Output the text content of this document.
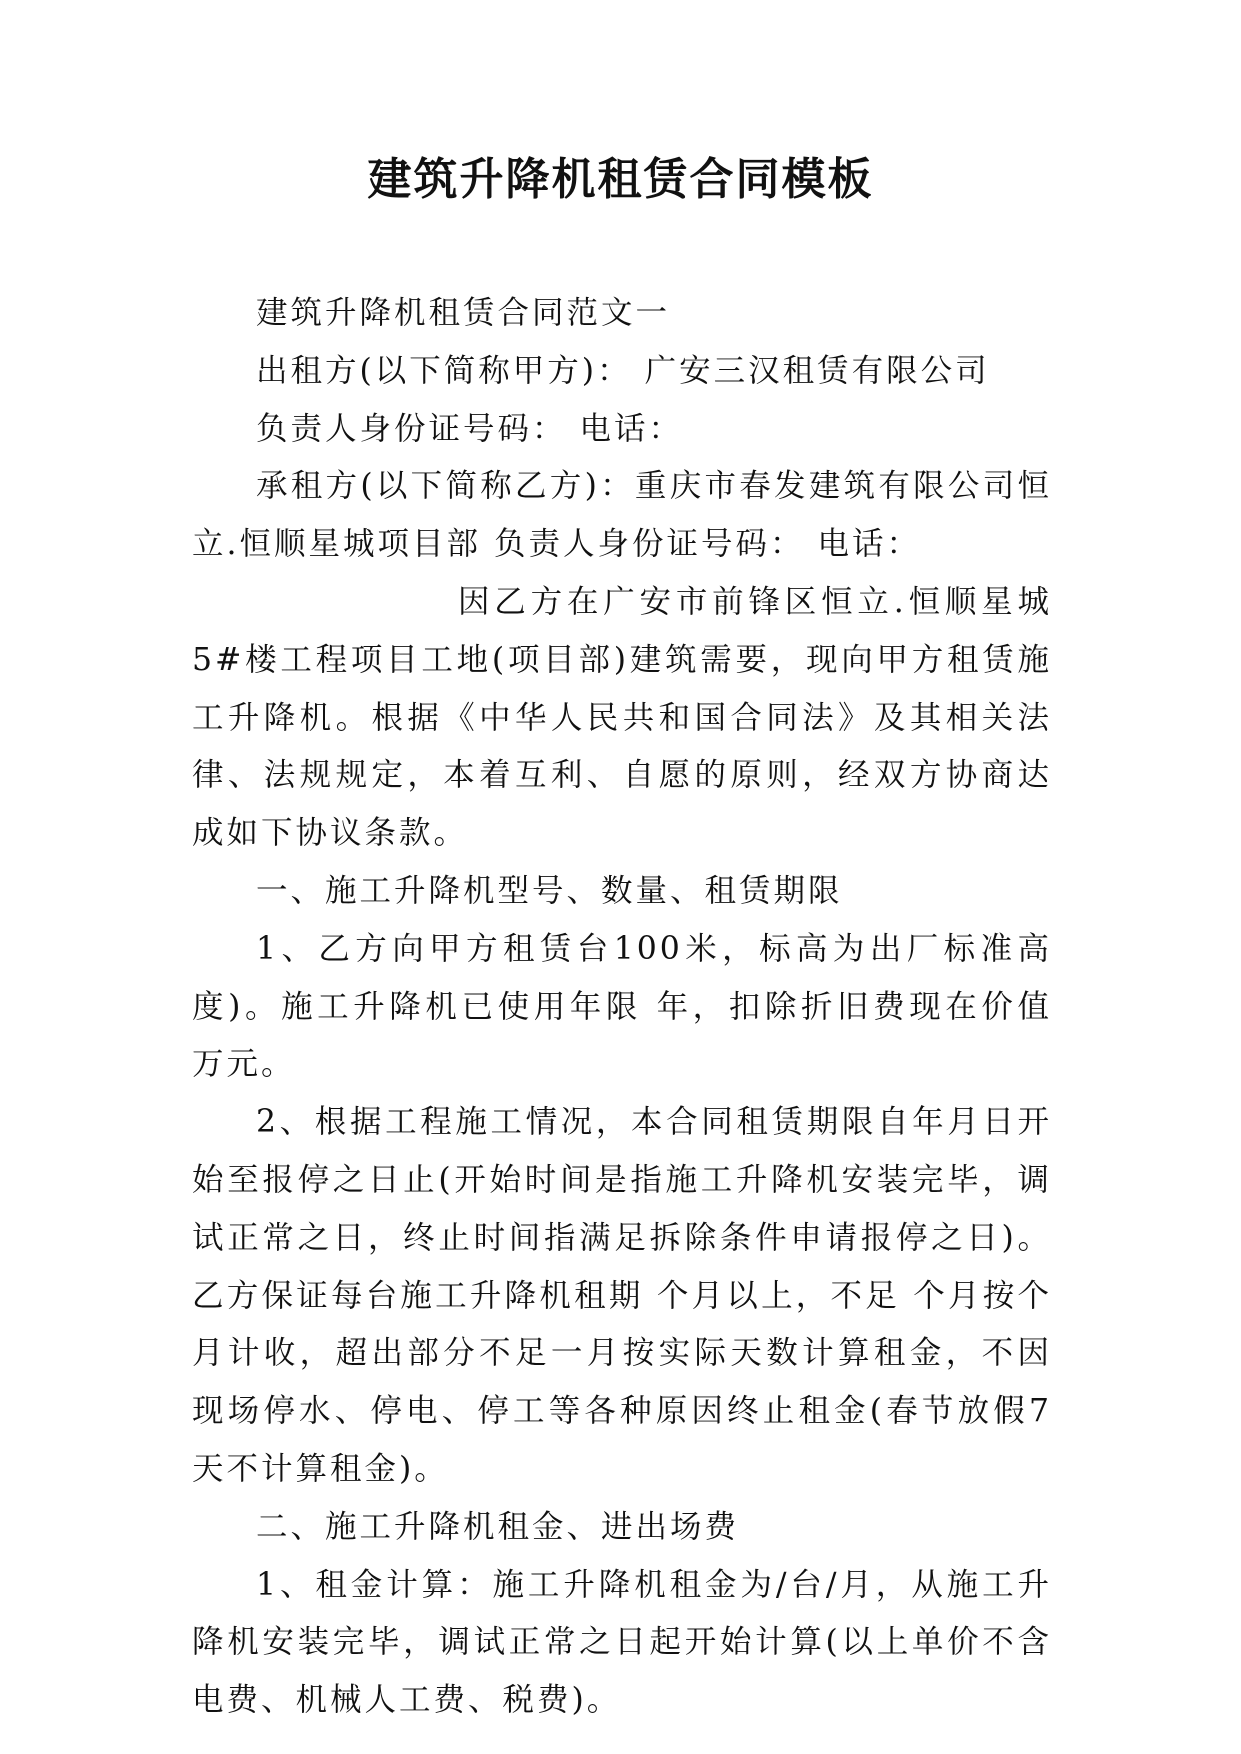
建筑升降机租赁合同模板

建筑升降机租赁合同范文一

出租方(以下简称甲方)： 广安三汉租赁有限公司

负责人身份证号码： 电话：

承租方(以下简称乙方)：重庆市春发建筑有限公司恒立.恒顺星城项目部 负责人身份证号码： 电话：

因乙方在广安市前锋区恒立.恒顺星城5#楼工程项目工地(项目部)建筑需要，现向甲方租赁施工升降机。根据《中华人民共和国合同法》及其相关法律、法规规定，本着互利、自愿的原则，经双方协商达成如下协议条款。

一、施工升降机型号、数量、租赁期限

1、乙方向甲方租赁台100米，标高为出厂标准高度)。施工升降机已使用年限 年，扣除折旧费现在价值 万元。

2、根据工程施工情况，本合同租赁期限自年月日开始至报停之日止(开始时间是指施工升降机安装完毕，调试正常之日，终止时间指满足拆除条件申请报停之日)。乙方保证每台施工升降机租期 个月以上，不足 个月按个月计收，超出部分不足一月按实际天数计算租金，不因现场停水、停电、停工等各种原因终止租金(春节放假7天不计算租金)。

二、施工升降机租金、进出场费

1、租金计算：施工升降机租金为/台/月，从施工升降机安装完毕，调试正常之日起开始计算(以上单价不含电费、机械人工费、税费)。
